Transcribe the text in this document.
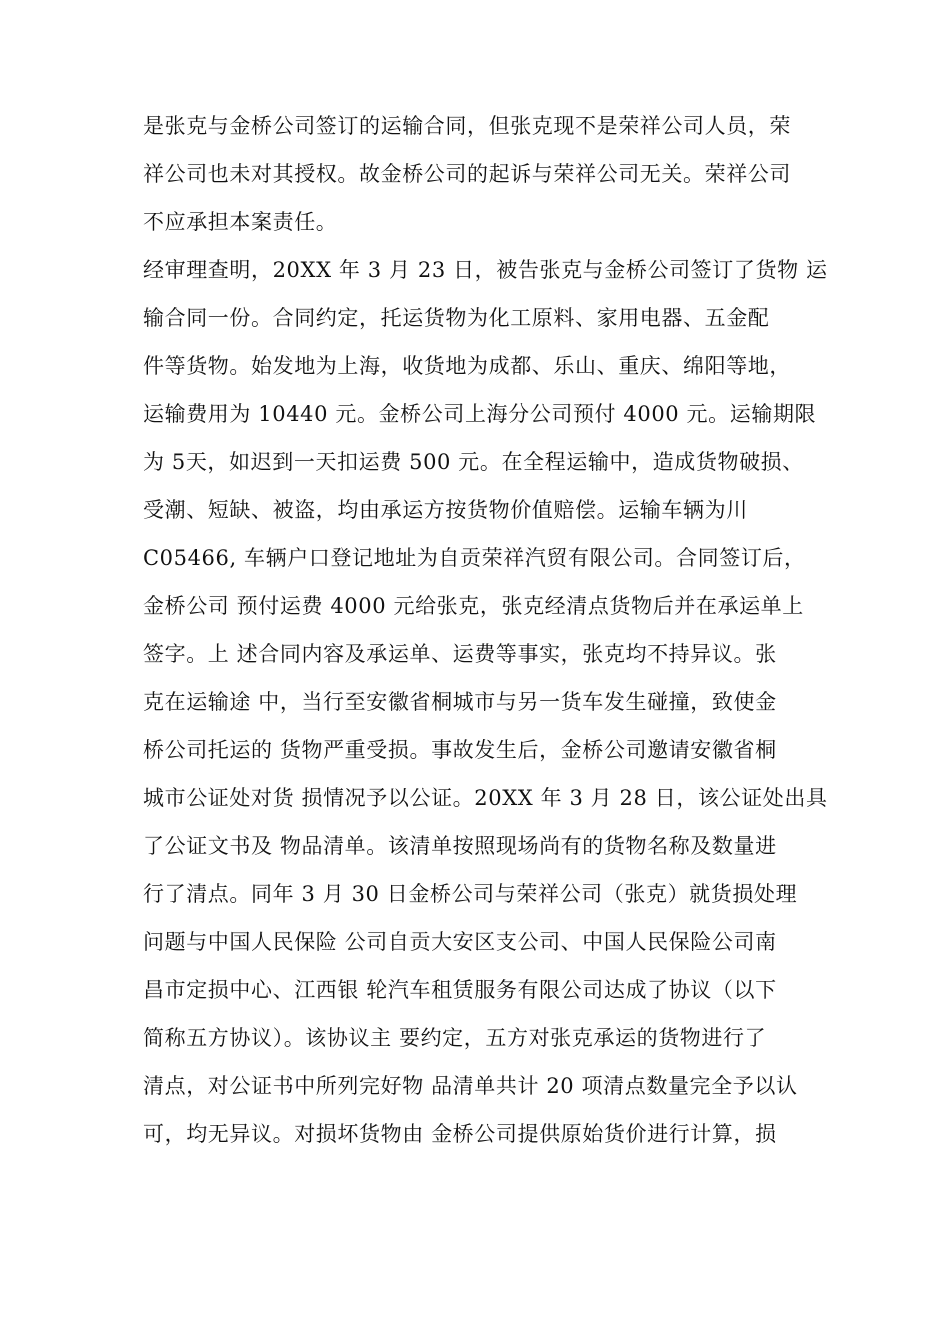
是张克与金桥公司签订的运输合同，但张克现不是荣祥公司人员，荣
祥公司也未对其授权。故金桥公司的起诉与荣祥公司无关。荣祥公司
不应承担本案责任。
经审理查明，20XX 年 3 月 23 日，被告张克与金桥公司签订了货物 运
输合同一份。合同约定，托运货物为化工原料、家用电器、五金配
件等货物。始发地为上海，收货地为成都、乐山、重庆、绵阳等地，
运输费用为 10440 元。金桥公司上海分公司预付 4000 元。运输期限
为 5天，如迟到一天扣运费 500 元。在全程运输中，造成货物破损、
受潮、短缺、被盗，均由承运方按货物价值赔偿。运输车辆为川
C05466, 车辆户口登记地址为自贡荣祥汽贸有限公司。合同签订后，
金桥公司 预付运费 4000 元给张克，张克经清点货物后并在承运单上
签字。上 述合同内容及承运单、运费等事实，张克均不持异议。张
克在运输途 中，当行至安徽省桐城市与另一货车发生碰撞，致使金
桥公司托运的 货物严重受损。事故发生后，金桥公司邀请安徽省桐
城市公证处对货 损情况予以公证。20XX 年 3 月 28 日，该公证处出具
了公证文书及 物品清单。该清单按照现场尚有的货物名称及数量进
行了清点。同年 3 月 30 日金桥公司与荣祥公司（张克）就货损处理
问题与中国人民保险 公司自贡大安区支公司、中国人民保险公司南
昌市定损中心、江西银 轮汽车租赁服务有限公司达成了协议（以下
简称五方协议）。该协议主 要约定，五方对张克承运的货物进行了
清点，对公证书中所列完好物 品清单共计 20 项清点数量完全予以认
可，均无异议。对损坏货物由 金桥公司提供原始货价进行计算，损
